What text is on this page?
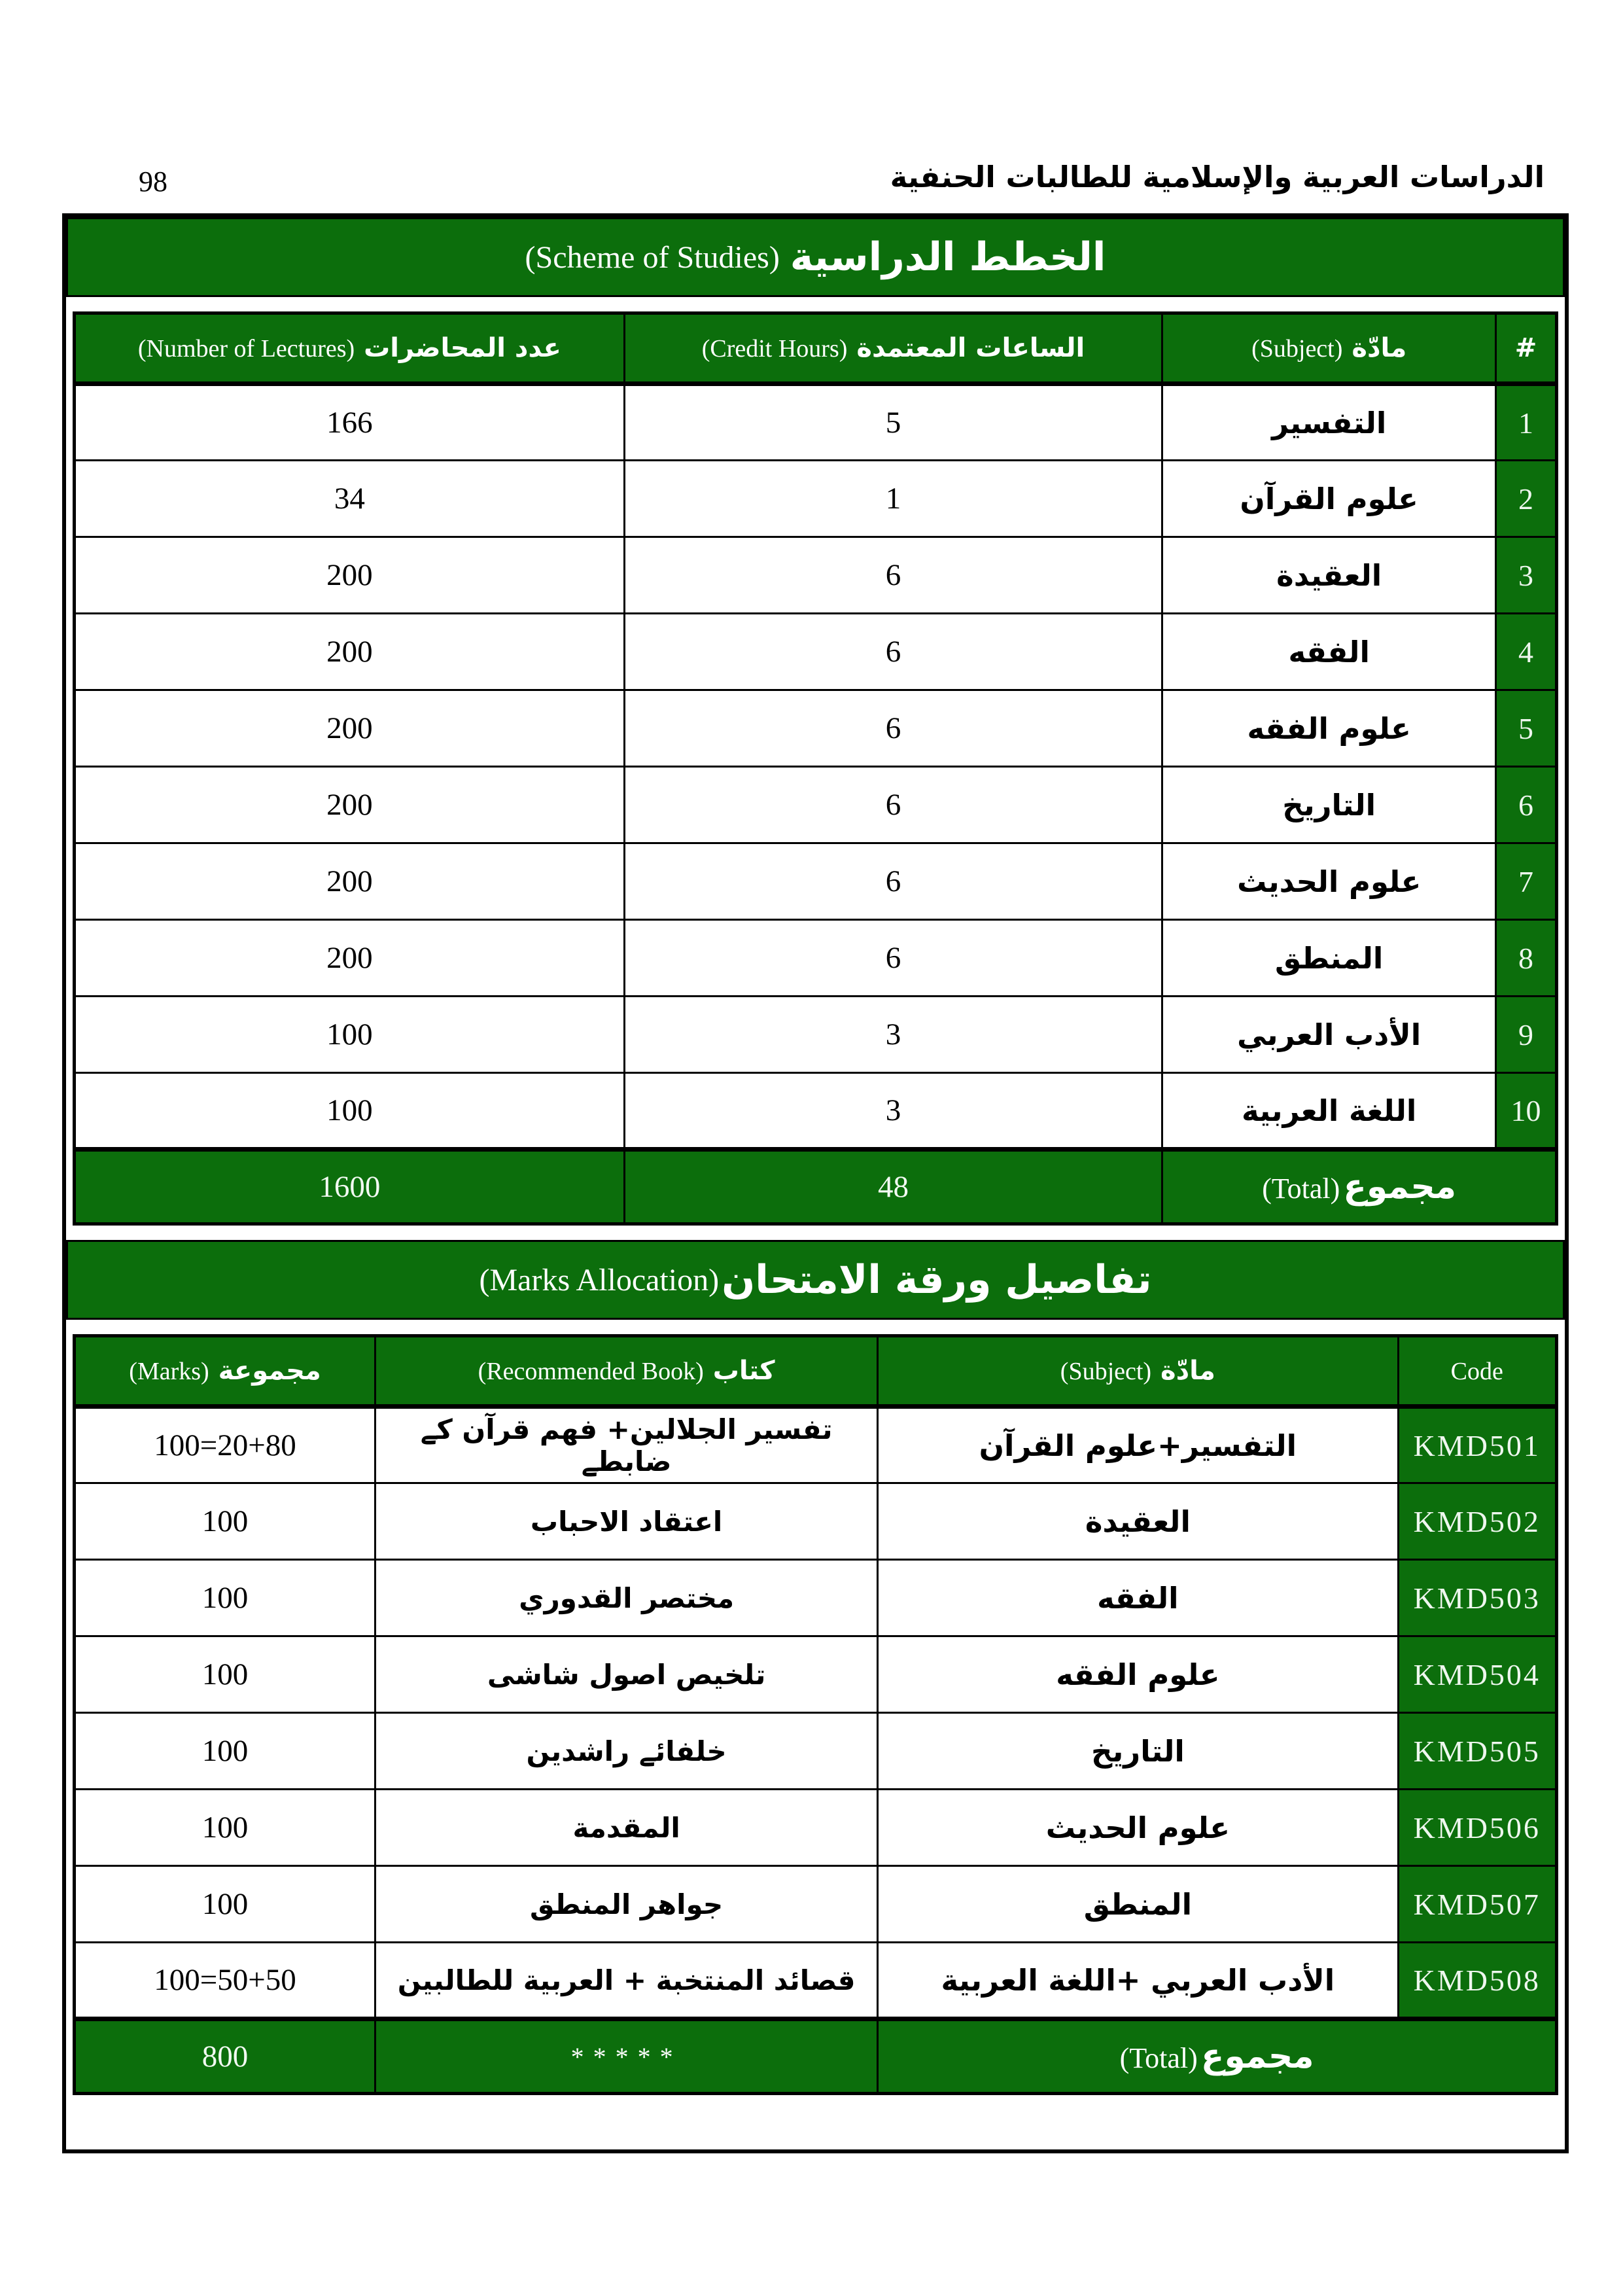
98	الدراسات العربية والإسلامية للطالبات الحنفية
الخطط الدراسية
(Scheme of Studies)
#	مادّة (Subject)	الساعات المعتمدة (Credit Hours)	عدد المحاضرات (Number of Lectures)
1	التفسير	5	166
2	علوم القرآن	1	34
3	العقيدة	6	200
4	الفقه	6	200
5	علوم الفقه	6	200
6	التاريخ	6	200
7	علوم الحديث	6	200
8	المنطق	6	200
9	الأدب العربي	3	100
10	اللغة العربية	3	100
مجموع (Total)		48	1600
تفاصيل ورقة الامتحان
(Marks Allocation)
Code	مادّة (Subject)	كتاب (Recommended Book)	مجموعة (Marks)
KMD501	التفسير+علوم القرآن	تفسير الجلالين+ فهم قرآن کے ضابطے	100=20+80
KMD502	العقيدة	اعتقاد الاحباب	100
KMD503	الفقه	مختصر القدوري	100
KMD504	علوم الفقه	تلخيص اصول شاشی	100
KMD505	التاريخ	خلفائے راشدين	100
KMD506	علوم الحديث	المقدمة	100
KMD507	المنطق	جواهر المنطق	100
KMD508	الأدب العربي +اللغة العربية	قصائد المنتخبة + العربية للطالبين	100=50+50
مجموع (Total)		*****	800
